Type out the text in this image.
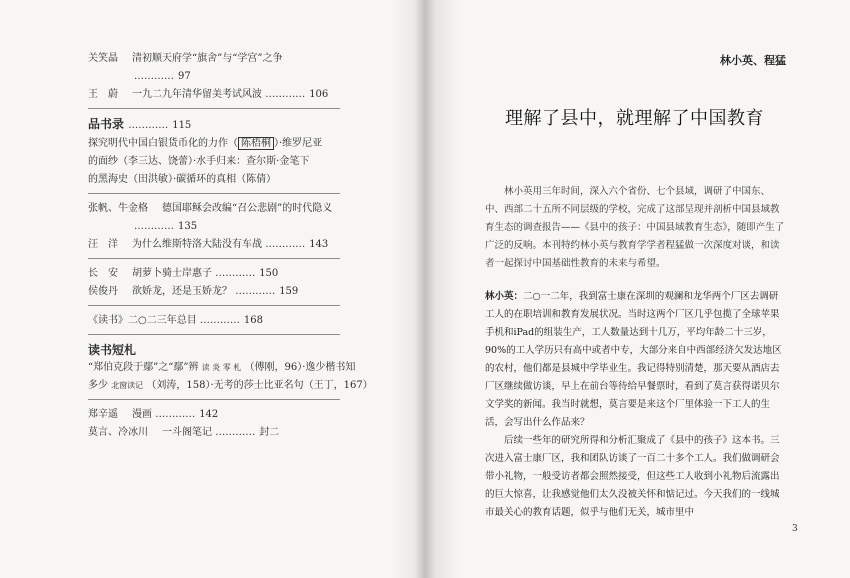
关笑晶 清初顺天府学“旗舍”与“学宫”之争
………… 97
王　蔚 一九二九年清华留美考试风波 ………… 106
品书录 ………… 115
探究明代中国白银货币化的力作（ 陈梧桐 ）·维罗尼亚
的面纱（李三达、饶蕾）·水手归来：查尔斯·金笔下
的黑海史（田洪敏）·碳循环的真相（陈倩）
张帆、牛金格 德国耶稣会改编“召公悲剧”的时代隐义
………… 135
汪　洋 为什么维斯特洛大陆没有车战 ………… 143
长　安 胡萝卜骑士岸惠子 ………… 150
侯俊丹 欲娇龙，还是玉娇龙？ ………… 159
《读书》二○二三年总目 ………… 168
读书短札
“郑伯克段于鄢”之“鄢”辨 读 炎 零 札 （傅刚，96）·逸少楷书知
多少 北窗读记 （刘涛，158）·无考的莎士比亚名句（王丁，167）
郑辛遥 漫画 ………… 142
莫言、冷冰川 一斗阁笔记 ………… 封二
林小英、程猛
理解了县中，就理解了中国教育

林小英用三年时间，深入六个省份、七个县域，调研了中国东、中、西部二十五所不同层级的学校，完成了这部呈现并剖析中国县域教育生态的调查报告——《县中的孩子：中国县域教育生态》，随即产生了广泛的反响。本刊特约林小英与教育学学者程猛做一次深度对谈，和读者一起探讨中国基础性教育的未来与希望。

林小英：二○一二年，我到富士康在深圳的观澜和龙华两个厂区去调研工人的在职培训和教育发展状况。当时这两个厂区几乎包揽了全球苹果手机和iPad的组装生产，工人数量达到十几万，平均年龄二十三岁，90%的工人学历只有高中或者中专，大部分来自中西部经济欠发达地区的农村，他们都是县城中学毕业生。我记得特别清楚，那天要从酒店去厂区继续做访谈，早上在前台等待给早餐票时，看到了莫言获得诺贝尔文学奖的新闻。我当时就想，莫言要是来这个厂里体验一下工人的生活，会写出什么作品来？

后续一些年的研究所得和分析汇聚成了《县中的孩子》这本书。三次进入富士康厂区，我和团队访谈了一百二十多个工人。我们做调研会带小礼物，一般受访者都会照然接受，但这些工人收到小礼物后流露出的巨大惊喜，让我感觉他们太久没被关怀和惦记过。今天我们的一线城市最关心的教育话题，似乎与他们无关，城市里中

3
